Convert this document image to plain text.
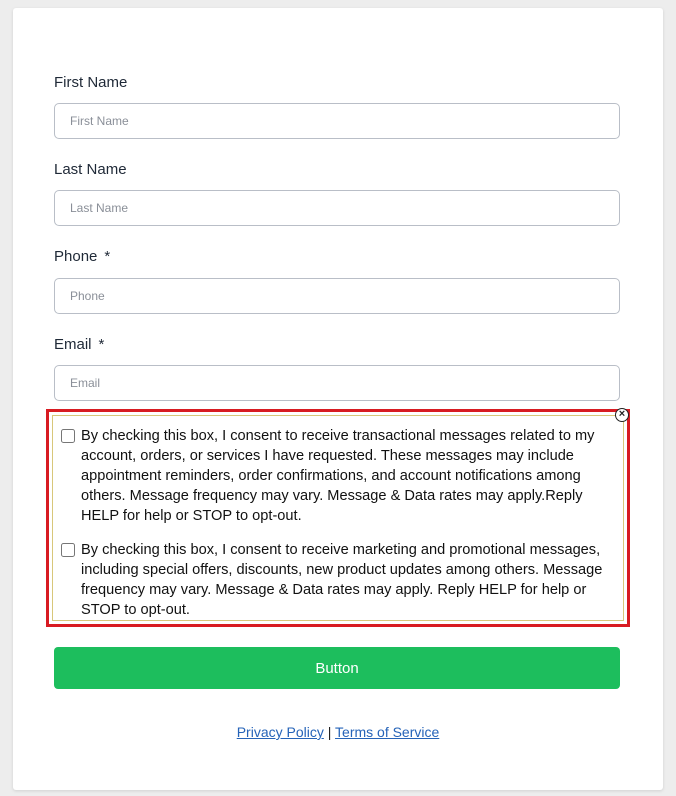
First Name
First Name
Last Name
Last Name
Phone *
Phone
Email *
Email

By checking this box, I consent to receive transactional messages related to my account, orders, or services I have requested. These messages may include appointment reminders, order confirmations, and account notifications among others. Message frequency may vary. Message & Data rates may apply.Reply HELP for help or STOP to opt-out.

By checking this box, I consent to receive marketing and promotional messages, including special offers, discounts, new product updates among others. Message frequency may vary. Message & Data rates may apply. Reply HELP for help or STOP to opt-out.

×
Button
Privacy Policy | Terms of Service
